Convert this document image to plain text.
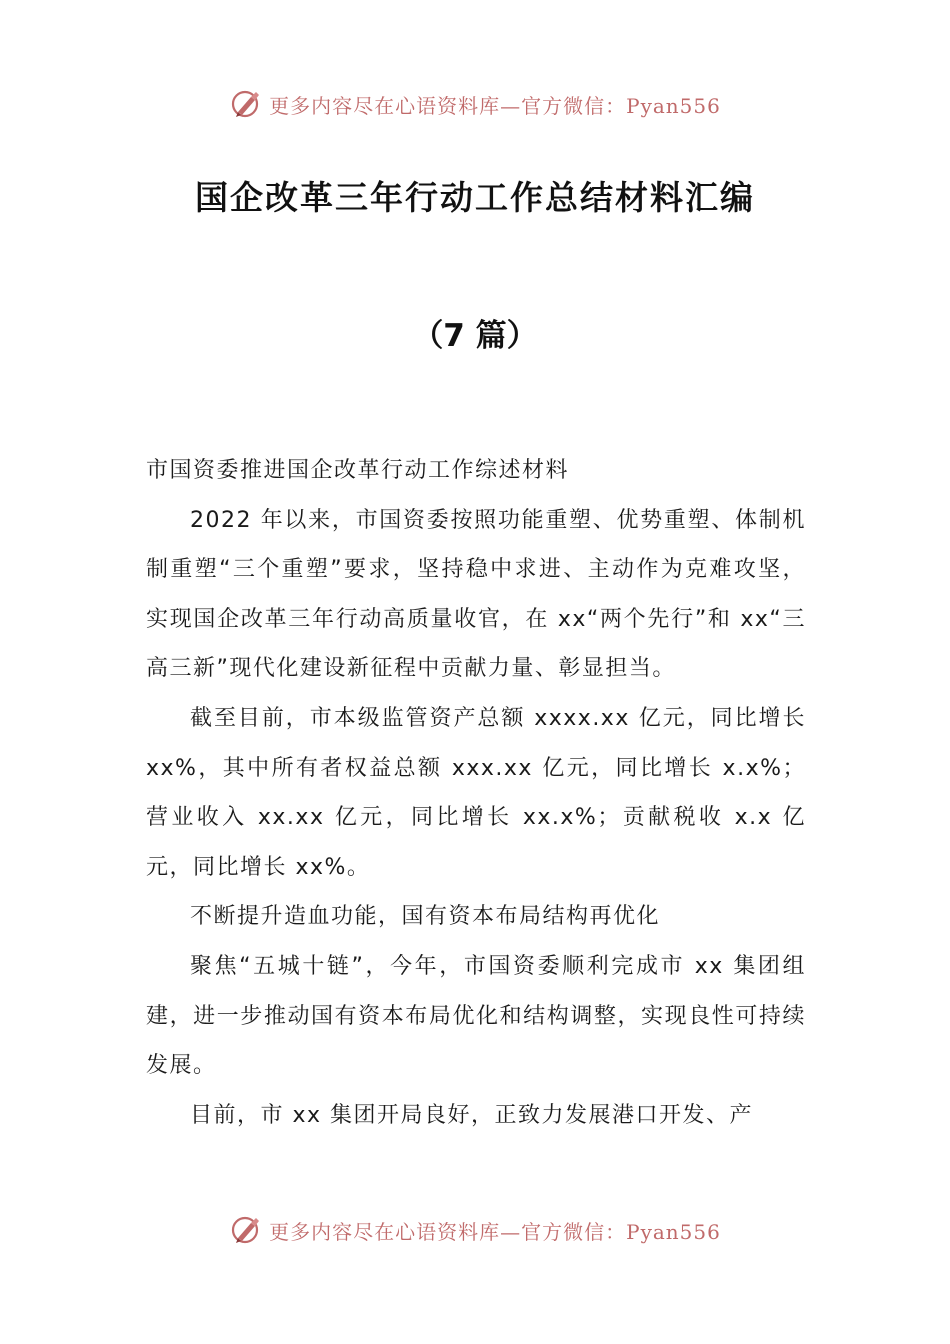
更多内容尽在心语资料库—官方微信：Pyan556
国企改革三年行动工作总结材料汇编
（7 篇）

市国资委推进国企改革行动工作综述材料

2022 年以来，市国资委按照功能重塑、优势重塑、体制机制重塑“三个重塑”要求，坚持稳中求进、主动作为克难攻坚，实现国企改革三年行动高质量收官，在 xx“两个先行”和 xx“三高三新”现代化建设新征程中贡献力量、彰显担当。

截至目前，市本级监管资产总额 xxxx.xx 亿元，同比增长 xx%，其中所有者权益总额 xxx.xx 亿元，同比增长 x.x%；营业收入 xx.xx 亿元，同比增长 xx.x%；贡献税收 x.x 亿元，同比增长 xx%。

不断提升造血功能，国有资本布局结构再优化

聚焦“五城十链”，今年，市国资委顺利完成市 xx 集团组建，进一步推动国有资本布局优化和结构调整，实现良性可持续发展。

目前，市 xx 集团开局良好，正致力发展港口开发、产

更多内容尽在心语资料库—官方微信：Pyan556
